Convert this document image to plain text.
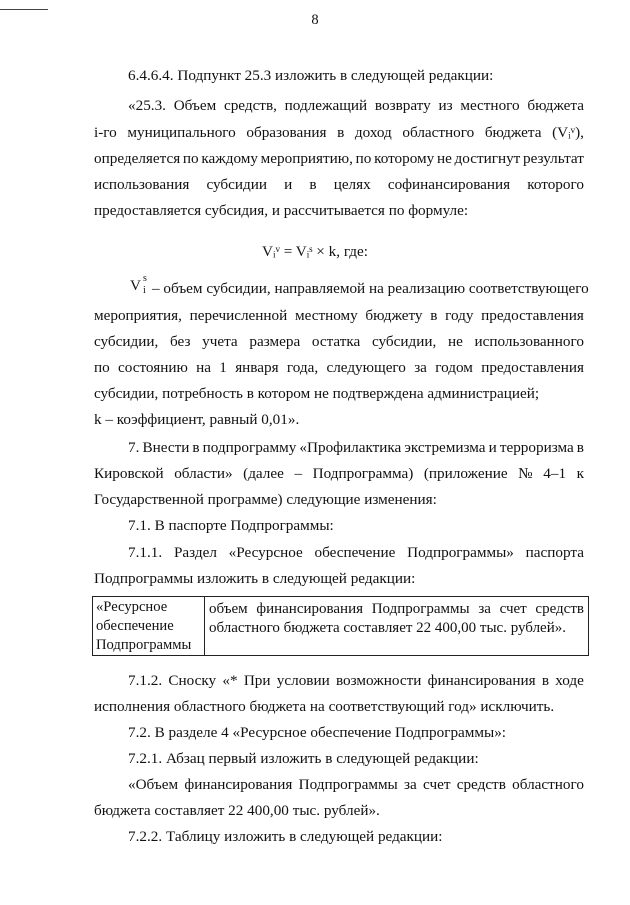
8
6.4.6.4. Подпункт 25.3 изложить в следующей редакции:
«25.3. Объем средств, подлежащий возврату из местного бюджета
i-го муниципального образования в доход областного бюджета (Vᵢᵛ),
определяется по каждому мероприятию, по которому не достигнут результат
использования субсидии и в целях софинансирования которого
предоставляется субсидия, и рассчитывается по формуле:
Vᵢᵛ = Vᵢˢ × k, где:
V s
i – объем субсидии, направляемой на реализацию соответствующего
мероприятия, перечисленной местному бюджету в году предоставления
субсидии, без учета размера остатка субсидии, не использованного
по состоянию на 1 января года, следующего за годом предоставления
субсидии, потребность в котором не подтверждена администрацией;
k – коэффициент, равный 0,01».
7. Внести в подпрограмму «Профилактика экстремизма и терроризма в
Кировской области» (далее – Подпрограмма) (приложение № 4–1 к
Государственной программе) следующие изменения:
7.1. В паспорте Подпрограммы:
7.1.1. Раздел «Ресурсное обеспечение Подпрограммы» паспорта
Подпрограммы изложить в следующей редакции:
«Ресурсное
обеспечение
Подпрограммы
объем финансирования Подпрограммы за счет средств
областного бюджета составляет 22 400,00 тыс. рублей».
7.1.2. Сноску «* При условии возможности финансирования в ходе
исполнения областного бюджета на соответствующий год» исключить.
7.2. В разделе 4 «Ресурсное обеспечение Подпрограммы»:
7.2.1. Абзац первый изложить в следующей редакции:
«Объем финансирования Подпрограммы за счет средств областного
бюджета составляет 22 400,00 тыс. рублей».
7.2.2. Таблицу изложить в следующей редакции:
